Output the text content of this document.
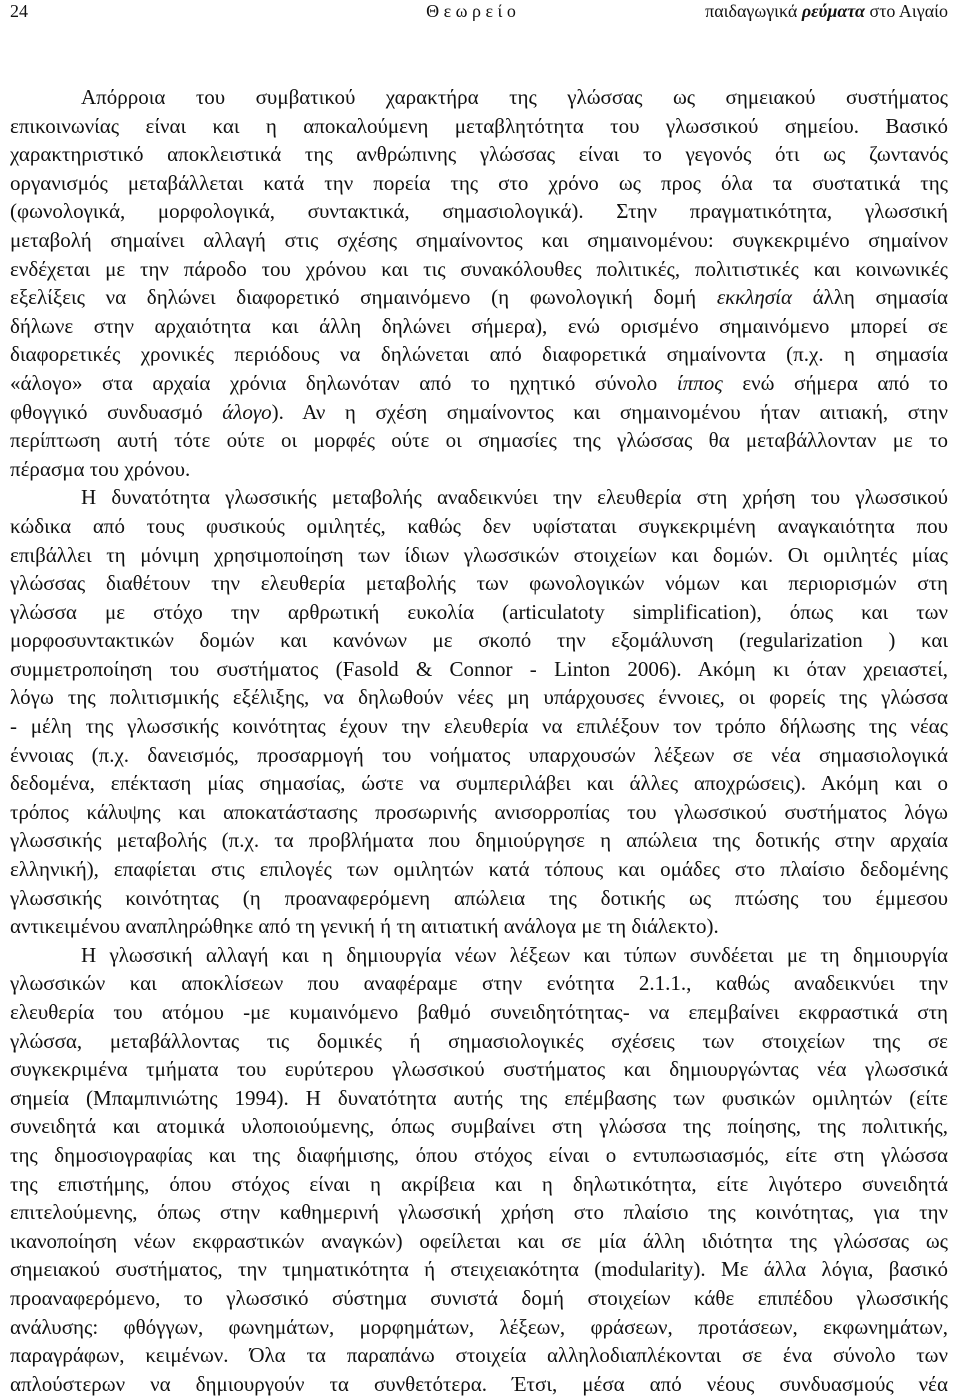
24	Θ ε ω ρ ε ί ο	παιδαγωγικά ρεύματα στο Αιγαίο
Απόρροια του συμβατικού χαρακτήρα της γλώσσας ως σημειακού συστήματος
επικοινωνίας είναι και η αποκαλούμενη μεταβλητότητα του γλωσσικού σημείου. Βασικό
χαρακτηριστικό αποκλειστικά της ανθρώπινης γλώσσας είναι το γεγονός ότι ως ζωντανός
οργανισμός μεταβάλλεται κατά την πορεία της στο χρόνο ως προς όλα τα συστατικά της
(φωνολογικά, μορφολογικά, συντακτικά, σημασιολογικά). Στην πραγματικότητα, γλωσσική
μεταβολή σημαίνει αλλαγή στις σχέσης σημαίνοντος και σημαινομένου: συγκεκριμένο σημαίνον
ενδέχεται με την πάροδο του χρόνου και τις συνακόλουθες πολιτικές, πολιτιστικές και κοινωνικές
εξελίξεις να δηλώνει διαφορετικό σημαινόμενο (η φωνολογική δομή εκκλησία άλλη σημασία
δήλωνε στην αρχαιότητα και άλλη δηλώνει σήμερα), ενώ ορισμένο σημαινόμενο μπορεί σε
διαφορετικές χρονικές περιόδους να δηλώνεται από διαφορετικά σημαίνοντα (π.χ. η σημασία
«άλογο» στα αρχαία χρόνια δηλωνόταν από το ηχητικό σύνολο ίππος ενώ σήμερα από το
φθογγικό συνδυασμό άλογο). Αν η σχέση σημαίνοντος και σημαινομένου ήταν αιτιακή, στην
περίπτωση αυτή τότε ούτε οι μορφές ούτε οι σημασίες της γλώσσας θα μεταβάλλονταν με το
πέρασμα του χρόνου.
Η δυνατότητα γλωσσικής μεταβολής αναδεικνύει την ελευθερία στη χρήση του γλωσσικού
κώδικα από τους φυσικούς ομιλητές, καθώς δεν υφίσταται συγκεκριμένη αναγκαιότητα που
επιβάλλει τη μόνιμη χρησιμοποίηση των ίδιων γλωσσικών στοιχείων και δομών. Οι ομιλητές μίας
γλώσσας διαθέτουν την ελευθερία μεταβολής των φωνολογικών νόμων και περιορισμών στη
γλώσσα με στόχο την αρθρωτική ευκολία (articulatoty simplification), όπως και των
μορφοσυντακτικών δομών και κανόνων με σκοπό την εξομάλυνση (regularization ) και
συμμετροποίηση του συστήματος (Fasold & Connor - Linton 2006). Ακόμη κι όταν χρειαστεί,
λόγω της πολιτισμικής εξέλιξης, να δηλωθούν νέες μη υπάρχουσες έννοιες, οι φορείς της γλώσσα
- μέλη της γλωσσικής κοινότητας έχουν την ελευθερία να επιλέξουν τον τρόπο δήλωσης της νέας
έννοιας (π.χ. δανεισμός, προσαρμογή του νοήματος υπαρχουσών λέξεων σε νέα σημασιολογικά
δεδομένα, επέκταση μίας σημασίας, ώστε να συμπεριλάβει και άλλες αποχρώσεις). Ακόμη και ο
τρόπος κάλυψης και αποκατάστασης προσωρινής ανισορροπίας του γλωσσικού συστήματος λόγω
γλωσσικής μεταβολής (π.χ. τα προβλήματα που δημιούργησε η απώλεια της δοτικής στην αρχαία
ελληνική), επαφίεται στις επιλογές των ομιλητών κατά τόπους και ομάδες στο πλαίσιο δεδομένης
γλωσσικής κοινότητας (η προαναφερόμενη απώλεια της δοτικής ως πτώσης του έμμεσου
αντικειμένου αναπληρώθηκε από τη γενική ή τη αιτιατική ανάλογα με τη διάλεκτο).
Η γλωσσική αλλαγή και η δημιουργία νέων λέξεων και τύπων συνδέεται με τη δημιουργία
γλωσσικών και αποκλίσεων που αναφέραμε στην ενότητα 2.1.1., καθώς αναδεικνύει την
ελευθερία του ατόμου -με κυμαινόμενο βαθμό συνειδητότητας- να επεμβαίνει εκφραστικά στη
γλώσσα, μεταβάλλοντας τις δομικές ή σημασιολογικές σχέσεις των στοιχείων της σε
συγκεκριμένα τμήματα του ευρύτερου γλωσσικού συστήματος και δημιουργώντας νέα γλωσσικά
σημεία (Μπαμπινιώτης 1994). Η δυνατότητα αυτής της επέμβασης των φυσικών ομιλητών (είτε
συνειδητά και ατομικά υλοποιούμενης, όπως συμβαίνει στη γλώσσα της ποίησης, της πολιτικής,
της δημοσιογραφίας και της διαφήμισης, όπου στόχος είναι ο εντυπωσιασμός, είτε στη γλώσσα
της επιστήμης, όπου στόχος είναι η ακρίβεια και η δηλωτικότητα, είτε λιγότερο συνειδητά
επιτελούμενης, όπως στην καθημερινή γλωσσική χρήση στο πλαίσιο της κοινότητας, για την
ικανοποίηση νέων εκφραστικών αναγκών) οφείλεται και σε μία άλλη ιδιότητα της γλώσσας ως
σημειακού συστήματος, την τμηματικότητα ή στειχειακότητα (modularity). Με άλλα λόγια, βασικό
προαναφερόμενο, το γλωσσικό σύστημα συνιστά δομή στοιχείων κάθε επιπέδου γλωσσικής
ανάλυσης: φθόγγων, φωνημάτων, μορφημάτων, λέξεων, φράσεων, προτάσεων, εκφωνημάτων,
παραγράφων, κειμένων. Όλα τα παραπάνω στοιχεία αλληλοδιαπλέκονται σε ένα σύνολο των
απλούστερων να δημιουργούν τα συνθετότερα. Έτσι, μέσα από νέους συνδυασμούς νέα
